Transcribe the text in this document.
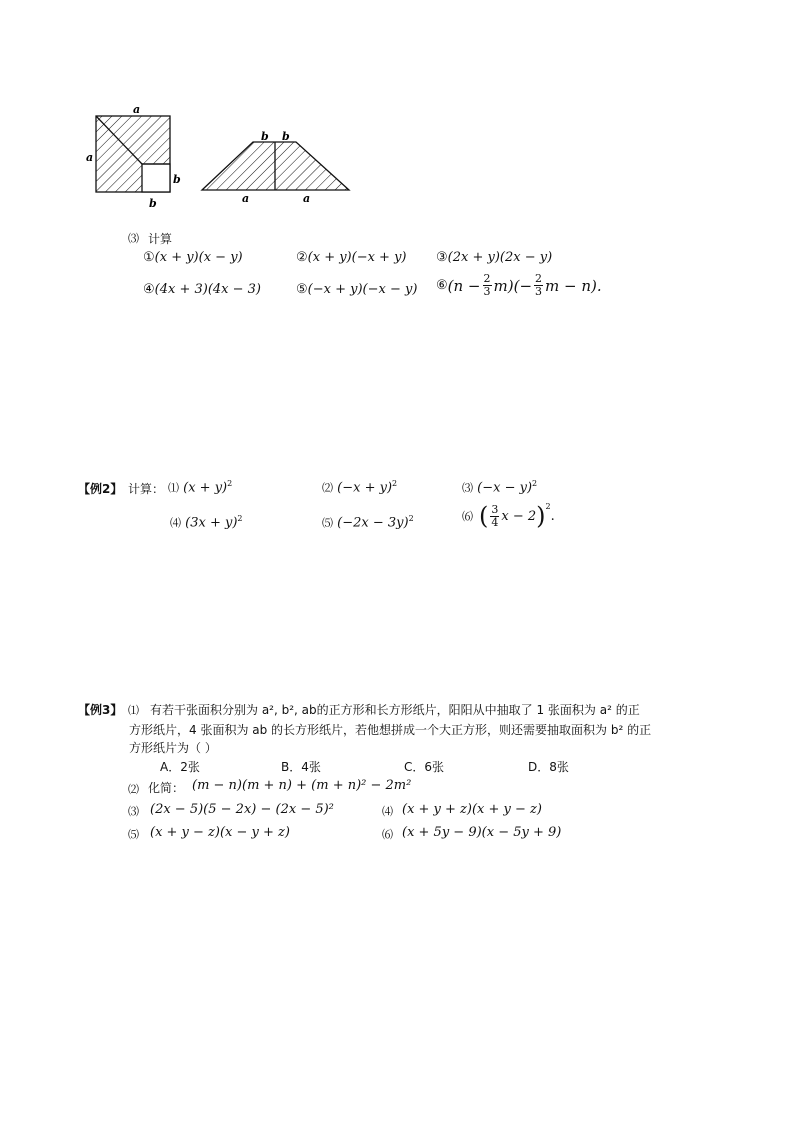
a
a
b
b
b b
a	a
⑶ 计算
①(x + y)(x − y)	②(x + y)(−x + y) ③(2x + y)(2x − y)
④(4x + 3)(4x − 3)	⑤(−x + y)(−x − y) ⑥ $(n - \frac{2}{3} m)(- \frac{2}{3}$ m − n).
【例2】 计算： ⑴ $(x + y)^2$	⑵ $(-x + y)^2$	⑶ $(-x - y)^2$
⑷ $(3x + y)^2$	⑸ $(-2x - 3y)^2$	⑹ ( $\frac{3}{4}$ x − 2 )$^2$
.
【例3】 ⑴ 有若干张面积分别为 a², b², ab的正方形和长方形纸片，阳阳从中抽取了 1 张面积为 a² 的正
方形纸片，4 张面积为 ab 的长方形纸片，若他想拼成一个大正方形，则还需要抽取面积为 b² 的正
方形纸片为（ ）
A．2张	B．4张	C．6张	D．8张
⑵ 化简： (m − n)(m + n) + (m + n)² − 2m²
⑶ (2x − 5)(5 − 2x) − (2x − 5)²	⑷ (x + y + z)(x + y − z)
⑸ (x + y − z)(x − y + z)	⑹ (x + 5y − 9)(x − 5y + 9)
